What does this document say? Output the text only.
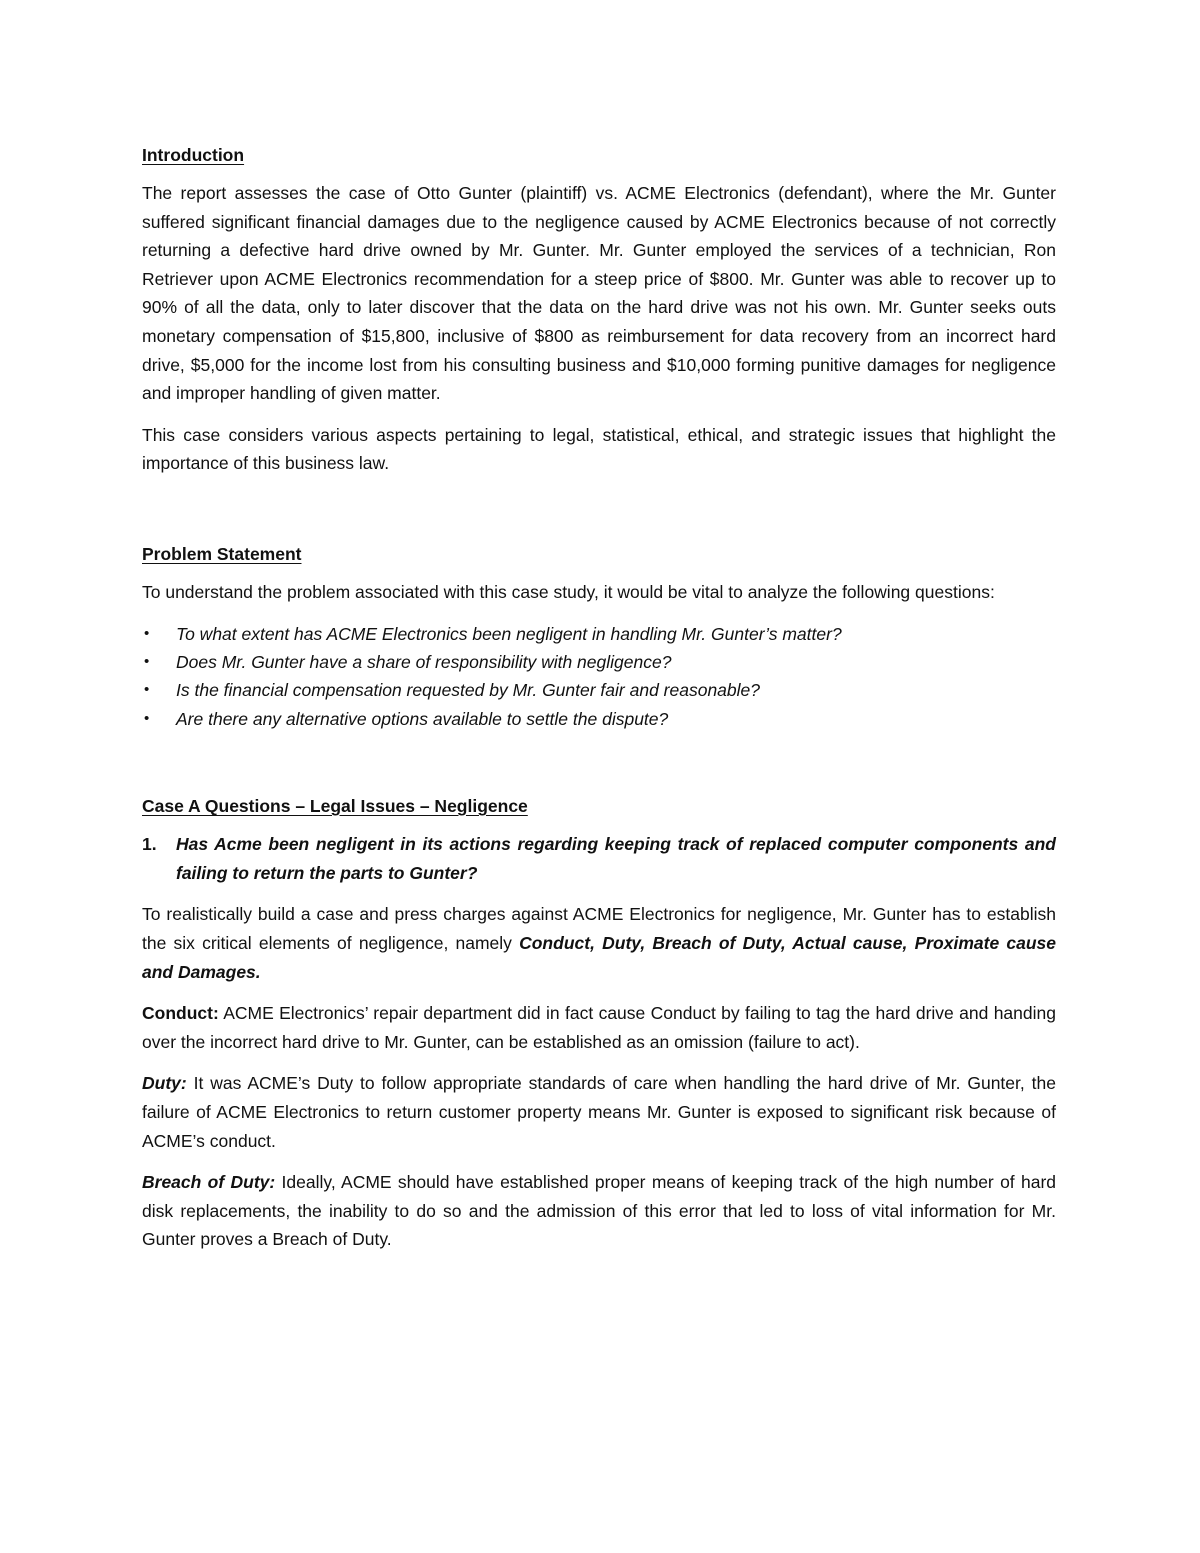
Introduction

The report assesses the case of Otto Gunter (plaintiff) vs. ACME Electronics (defendant), where the Mr. Gunter suffered significant financial damages due to the negligence caused by ACME Electronics because of not correctly returning a defective hard drive owned by Mr. Gunter. Mr. Gunter employed the services of a technician, Ron Retriever upon ACME Electronics recommendation for a steep price of $800. Mr. Gunter was able to recover up to 90% of all the data, only to later discover that the data on the hard drive was not his own. Mr. Gunter seeks outs monetary compensation of $15,800, inclusive of $800 as reimbursement for data recovery from an incorrect hard drive, $5,000 for the income lost from his consulting business and $10,000 forming punitive damages for negligence and improper handling of given matter.

This case considers various aspects pertaining to legal, statistical, ethical, and strategic issues that highlight the importance of this business law.

Problem Statement

To understand the problem associated with this case study, it would be vital to analyze the following questions:

• To what extent has ACME Electronics been negligent in handling Mr. Gunter’s matter?
• Does Mr. Gunter have a share of responsibility with negligence?
• Is the financial compensation requested by Mr. Gunter fair and reasonable?
• Are there any alternative options available to settle the dispute?
Case A Questions – Legal Issues – Negligence
1. Has Acme been negligent in its actions regarding keeping track of replaced computer components and failing to return the parts to Gunter?

To realistically build a case and press charges against ACME Electronics for negligence, Mr. Gunter has to establish the six critical elements of negligence, namely Conduct, Duty, Breach of Duty, Actual cause, Proximate cause and Damages.

Conduct: ACME Electronics’ repair department did in fact cause Conduct by failing to tag the hard drive and handing over the incorrect hard drive to Mr. Gunter, can be established as an omission (failure to act).

Duty: It was ACME’s Duty to follow appropriate standards of care when handling the hard drive of Mr. Gunter, the failure of ACME Electronics to return customer property means Mr. Gunter is exposed to significant risk because of ACME’s conduct.

Breach of Duty: Ideally, ACME should have established proper means of keeping track of the high number of hard disk replacements, the inability to do so and the admission of this error that led to loss of vital information for Mr. Gunter proves a Breach of Duty.
